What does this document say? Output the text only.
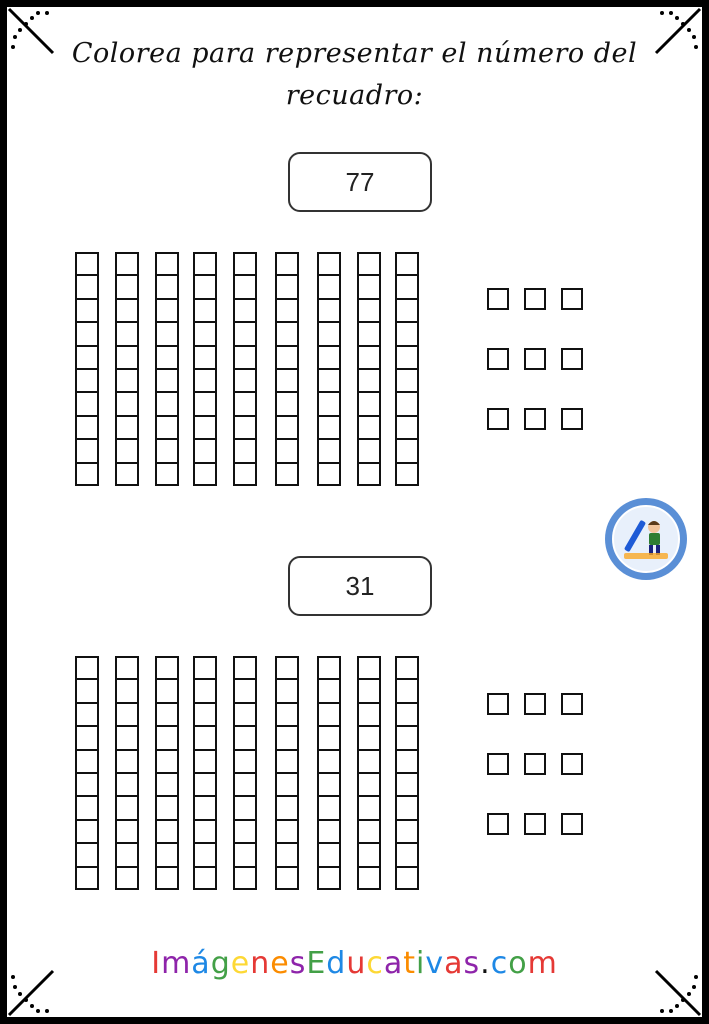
Colorea para representar el número del
recuadro:
77
31
ImágenesEducativas.com
